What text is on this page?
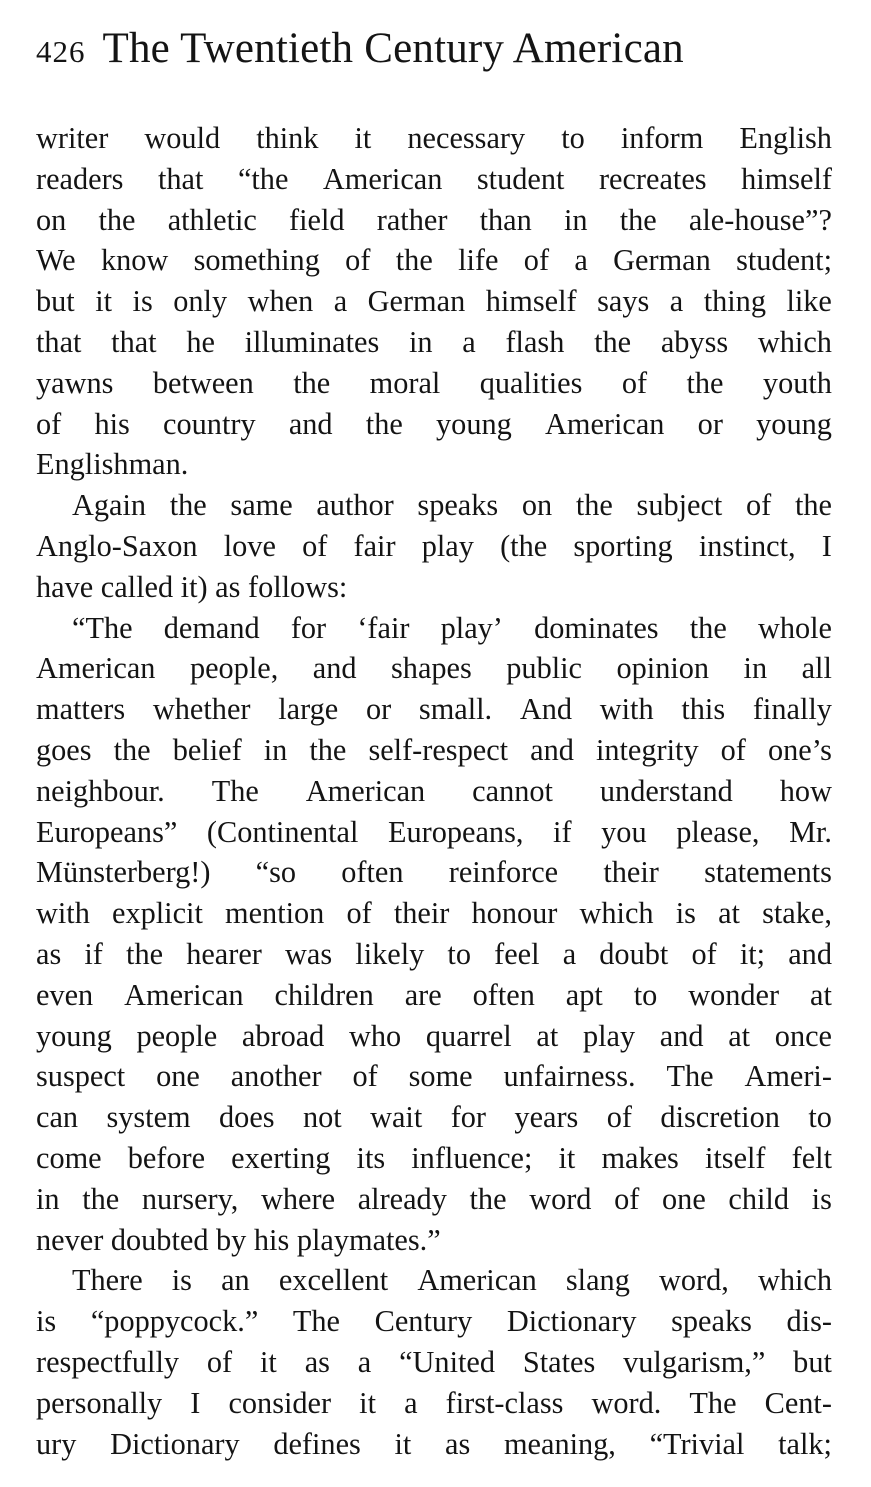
426 The Twentieth Century American
writer would think it necessary to inform English
readers that “the American student recreates himself
on the athletic field rather than in the ale-house”?
We know something of the life of a German student;
but it is only when a German himself says a thing like
that that he illuminates in a flash the abyss which
yawns between the moral qualities of the youth
of his country and the young American or young
Englishman.
Again the same author speaks on the subject of the
Anglo-Saxon love of fair play (the sporting instinct, I
have called it) as follows:
“The demand for ‘fair play’ dominates the whole
American people, and shapes public opinion in all
matters whether large or small. And with this finally
goes the belief in the self-respect and integrity of one’s
neighbour. The American cannot understand how
Europeans” (Continental Europeans, if you please, Mr.
Münsterberg!) “so often reinforce their statements
with explicit mention of their honour which is at stake,
as if the hearer was likely to feel a doubt of it; and
even American children are often apt to wonder at
young people abroad who quarrel at play and at once
suspect one another of some unfairness. The Ameri-
can system does not wait for years of discretion to
come before exerting its influence; it makes itself felt
in the nursery, where already the word of one child is
never doubted by his playmates.”
There is an excellent American slang word, which
is “poppycock.” The Century Dictionary speaks dis-
respectfully of it as a “United States vulgarism,” but
personally I consider it a first-class word. The Cent-
ury Dictionary defines it as meaning, “Trivial talk;
